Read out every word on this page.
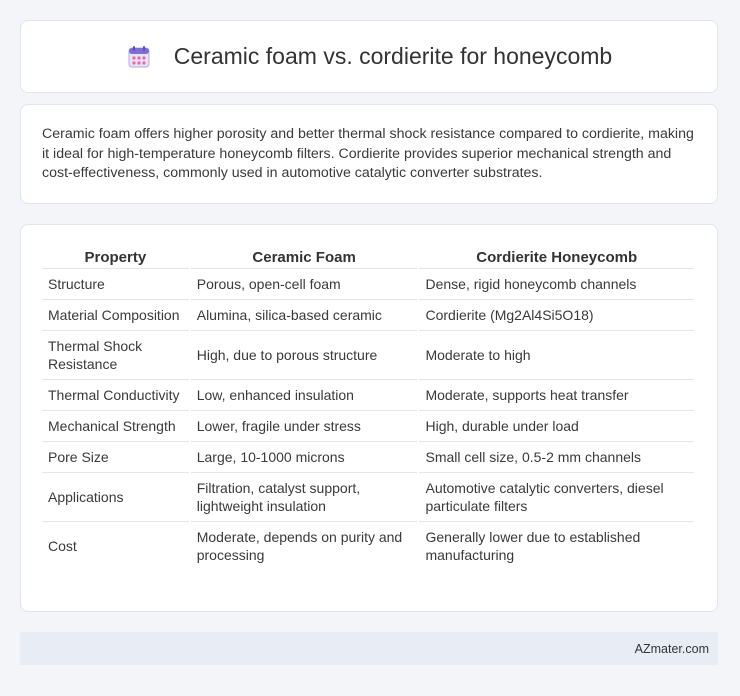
Ceramic foam vs. cordierite for honeycomb

Ceramic foam offers higher porosity and better thermal shock resistance compared to cordierite, making it ideal for high-temperature honeycomb filters. Cordierite provides superior mechanical strength and cost-effectiveness, commonly used in automotive catalytic converter substrates.

Property	Ceramic Foam	Cordierite Honeycomb
Structure	Porous, open-cell foam	Dense, rigid honeycomb channels
Material Composition	Alumina, silica-based ceramic	Cordierite (Mg2Al4Si5O18)
Thermal Shock Resistance	High, due to porous structure	Moderate to high
Thermal Conductivity	Low, enhanced insulation	Moderate, supports heat transfer
Mechanical Strength	Lower, fragile under stress	High, durable under load
Pore Size	Large, 10-1000 microns	Small cell size, 0.5-2 mm channels
Applications	Filtration, catalyst support, lightweight insulation	Automotive catalytic converters, diesel particulate filters
Cost	Moderate, depends on purity and processing	Generally lower due to established manufacturing
AZmater.com
